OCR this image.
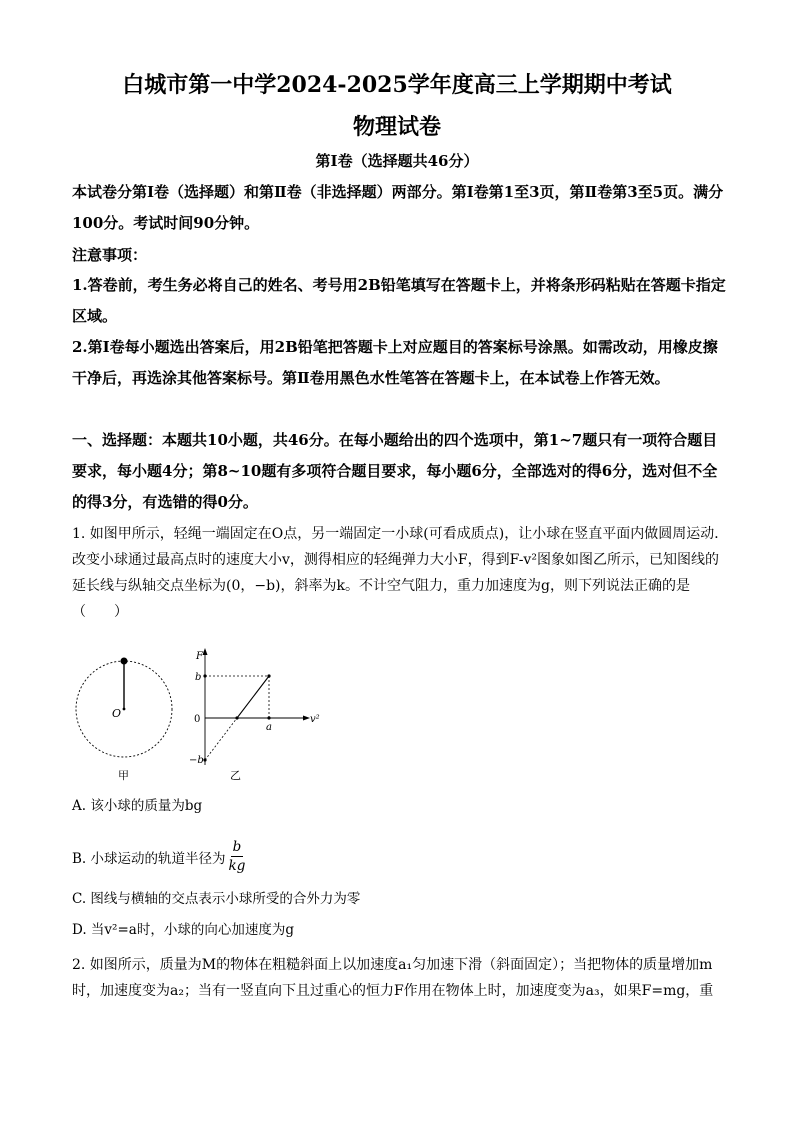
白城市第一中学2024-2025学年度高三上学期期中考试
物理试卷
第Ⅰ卷（选择题共46分）
本试卷分第Ⅰ卷（选择题）和第Ⅱ卷（非选择题）两部分。第Ⅰ卷第1至3页，第Ⅱ卷第3至5页。满分100分。考试时间90分钟。
注意事项：
1.答卷前，考生务必将自己的姓名、考号用2B铅笔填写在答题卡上，并将条形码粘贴在答题卡指定区域。
2.第Ⅰ卷每小题选出答案后，用2B铅笔把答题卡上对应题目的答案标号涂黑。如需改动，用橡皮擦干净后，再选涂其他答案标号。第Ⅱ卷用黑色水性笔答在答题卡上，在本试卷上作答无效。
一、选择题：本题共10小题，共46分。在每小题给出的四个选项中，第1~7题只有一项符合题目要求，每小题4分；第8~10题有多项符合题目要求，每小题6分，全部选对的得6分，选对但不全的得3分，有选错的得0分。
1. 如图甲所示，轻绳一端固定在O点，另一端固定一小球(可看成质点)，让小球在竖直平面内做圆周运动．改变小球通过最高点时的速度大小v，测得相应的轻绳弹力大小F，得到F-v²图象如图乙所示，已知图线的延长线与纵轴交点坐标为(0，−b)，斜率为k。不计空气阻力，重力加速度为g，则下列说法正确的是（　　）
O
甲
F
v²
0
b
−b
a
乙
A. 该小球的质量为bg
B. 小球运动的轨道半径为 $\frac{b}{kg}$
C. 图线与横轴的交点表示小球所受的合外力为零
D. 当v²=a时，小球的向心加速度为g
2. 如图所示，质量为M的物体在粗糙斜面上以加速度a₁匀加速下滑（斜面固定）；当把物体的质量增加m时，加速度变为a₂；当有一竖直向下且过重心的恒力F作用在物体上时，加速度变为a₃，如果F=mg，重
